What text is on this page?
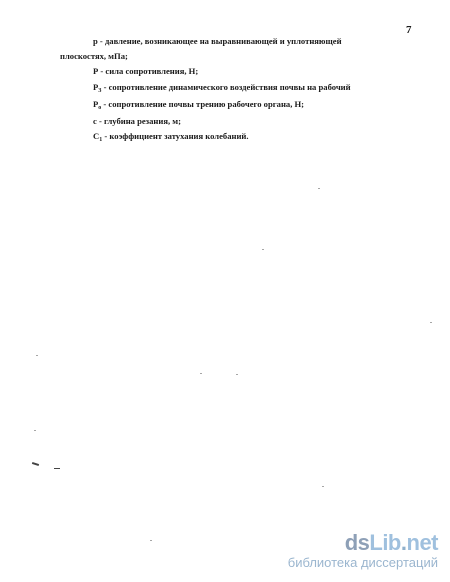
7
р - давление, возникающее на выравнивающей и уплотняющей
плоскостях, мПа;
Р - сила сопротивления, Н;
$Р_З$ - сопротивление динамического воздействия почвы на рабочий
$Р_о$ - сопротивление почвы трению рабочего органа, Н;
с - глубина резания, м;
$С_1$ - коэффициент затухания колебаний.
dsLib.net
библиотека диссертаций
